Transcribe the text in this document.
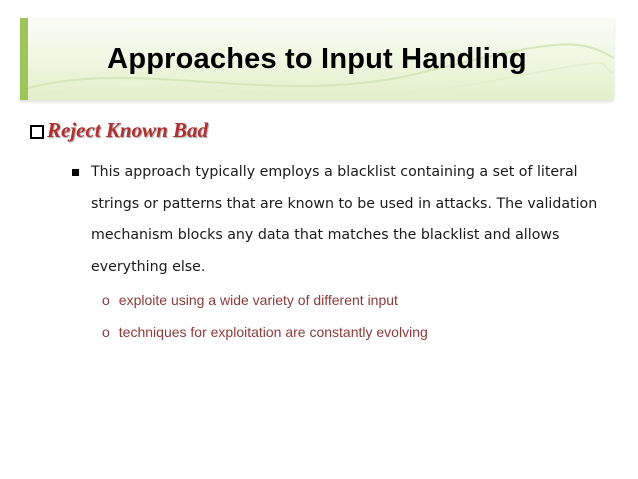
Approaches to Input Handling
Reject Known Bad
This approach typically employs a blacklist containing a set of literal
strings or patterns that are known to be used in attacks. The validation
mechanism blocks any data that matches the blacklist and allows
everything else.
o exploite using a wide variety of different input
o techniques for exploitation are constantly evolving
